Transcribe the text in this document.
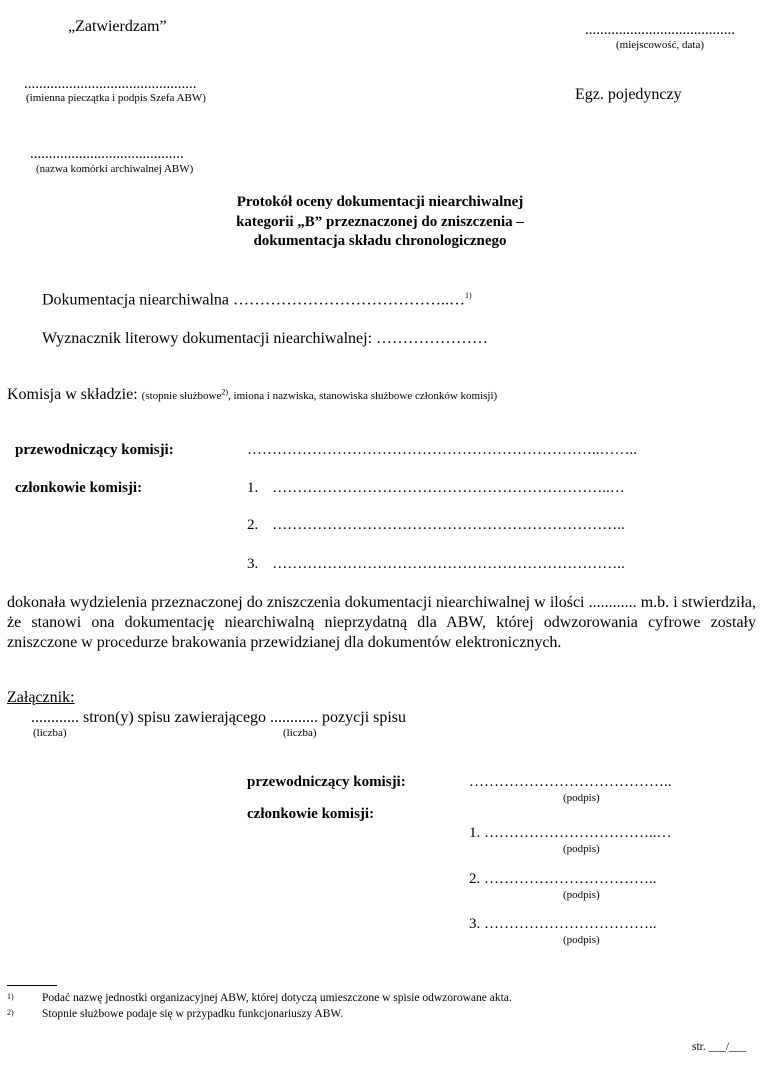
„Zatwierdzam”	........................................
(miejscowość, data)
..............................................
(imienna pieczątka i podpis Szefa ABW)	Egz. pojedynczy
.........................................
(nazwa komórki archiwalnej ABW)
Protokół oceny dokumentacji niearchiwalnej
kategorii „B” przeznaczonej do zniszczenia –
dokumentacja składu chronologicznego
Dokumentacja niearchiwalna …………………………………..…$^{1)}$
Wyznacznik literowy dokumentacji niearchiwalnej: …………………
Komisja w składzie: (stopnie służbowe$^{2)}$, imiona i nazwiska, stanowiska służbowe członków komisji)
przewodniczący komisji:	……………………………………………………………..……..
członkowie komisji:	1. …………………………………………………………..…
2. ……………………………………………………………..
3. ……………………………………………………………..
dokonała wydzielenia przeznaczonej do zniszczenia dokumentacji niearchiwalnej w ilości ............ m.b. i stwierdziła, że stanowi ona dokumentację niearchiwalną nieprzydatną dla ABW, której odwzorowania cyfrowe zostały zniszczone w procedurze brakowania przewidzianej dla dokumentów elektronicznych.
Załącznik:
............ stron(y) spisu zawierającego ............ pozycji spisu
(liczba)	(liczba)
przewodniczący komisji:	…………………………………..
(podpis)
członkowie komisji:
1. ……………………………..…
(podpis)
2. ……………………………..
(podpis)
3. ……………………………..
(podpis)
$^{1)}$ Podać nazwę jednostki organizacyjnej ABW, której dotyczą umieszczone w spisie odwzorowane akta.
$^{2)}$ Stopnie służbowe podaje się w przypadku funkcjonariuszy ABW.
str. ___/___
